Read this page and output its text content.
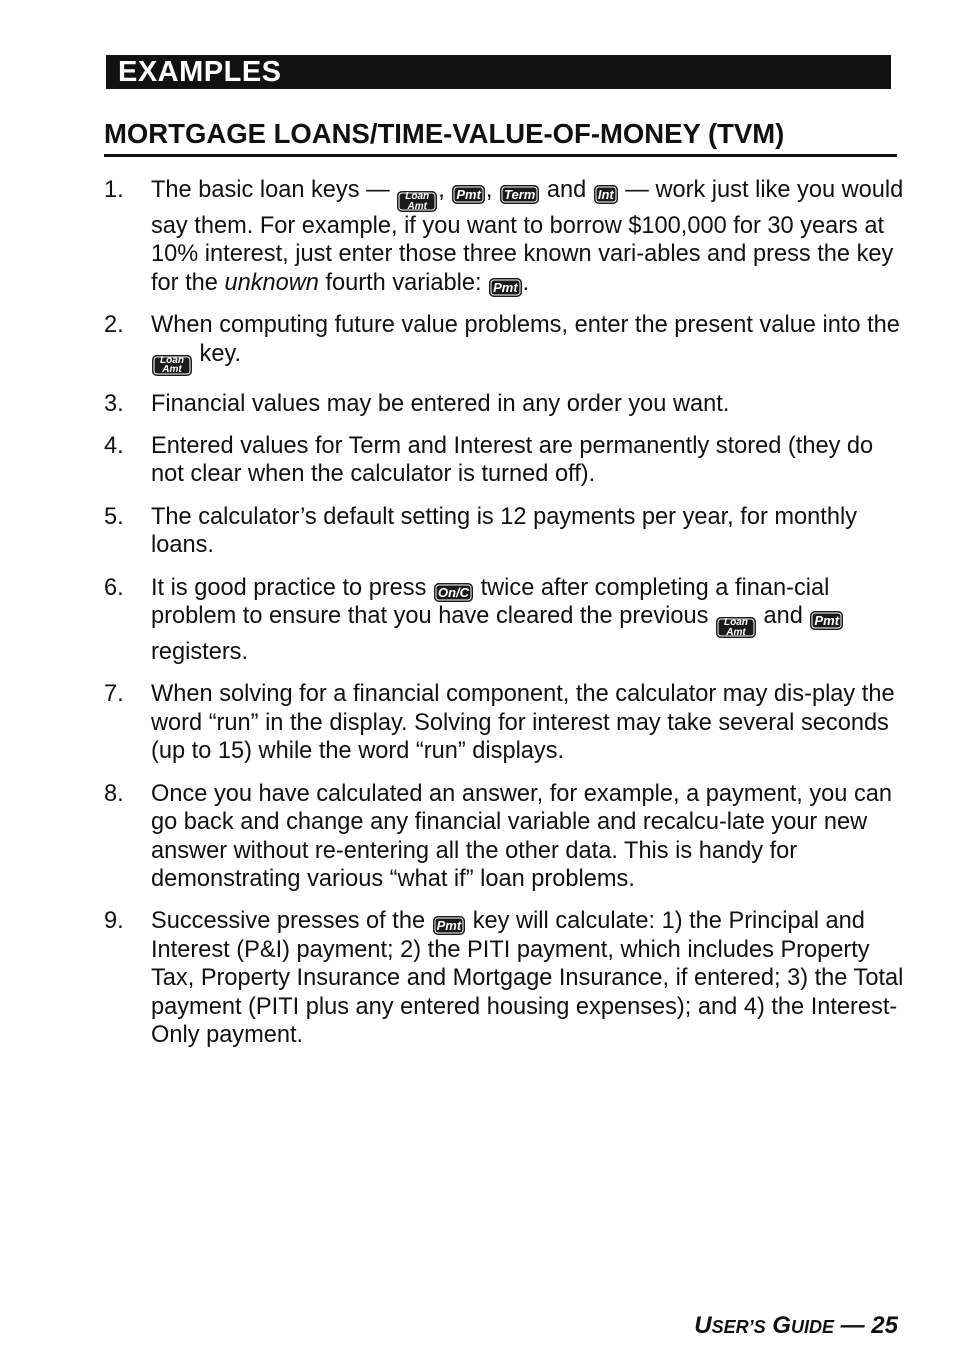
EXAMPLES
MORTGAGE LOANS/TIME-VALUE-OF-MONEY (TVM)
1. The basic loan keys — Loan
Amt
, Pmt , Term and Int — work just like you would say them. For example, if you want to borrow $100,000 for 30 years at 10% interest, just enter those three known vari-ables and press the key for the unknown fourth variable: Pmt .
2. When computing future value problems, enter the present value into the
Loan
Amt
key.
3. Financial values may be entered in any order you want.
4. Entered values for Term and Interest are permanently stored (they do not clear when the calculator is turned off).
5. The calculator’s default setting is 12 payments per year, for monthly loans.
6. It is good practice to press On/C twice after completing a finan-cial problem to ensure that you have cleared the previous Loan
Amt
and Pmt registers.
7. When solving for a financial component, the calculator may dis-play the word “run” in the display. Solving for interest may take several seconds (up to 15) while the word “run” displays.
8. Once you have calculated an answer, for example, a payment, you can go back and change any financial variable and recalcu-late your new answer without re-entering all the other data. This is handy for demonstrating various “what if” loan problems.
9. Successive presses of the Pmt key will calculate: 1) the Principal and Interest (P&I) payment; 2) the PITI payment, which includes Property Tax, Property Insurance and Mortgage Insurance, if entered; 3) the Total payment (PITI plus any entered housing expenses); and 4) the Interest-Only payment.
USER’S GUIDE — 25
